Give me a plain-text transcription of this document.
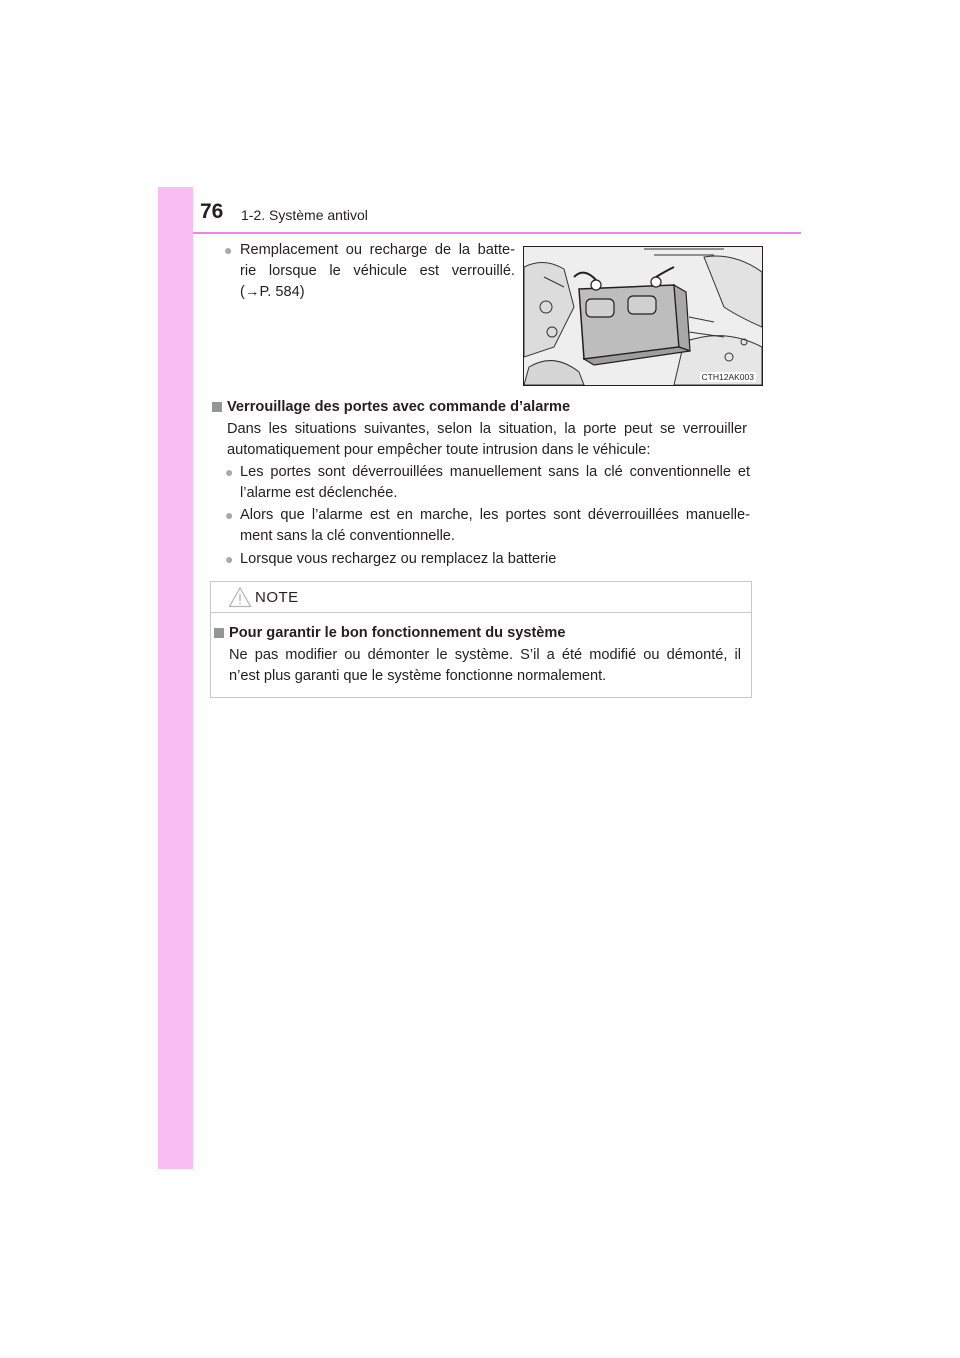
76 1-2. Système antivol
● Remplacement ou recharge de la batte-
rie lorsque le véhicule est verrouillé.
(→P. 584)
CTH12AK003
Verrouillage des portes avec commande d’alarme
Dans les situations suivantes, selon la situation, la porte peut se verrouiller
automatiquement pour empêcher toute intrusion dans le véhicule:
● Les portes sont déverrouillées manuellement sans la clé conventionnelle et
l’alarme est déclenchée.
● Alors que l’alarme est en marche, les portes sont déverrouillées manuelle-
ment sans la clé conventionnelle.
● Lorsque vous rechargez ou remplacez la batterie
NOTE
Pour garantir le bon fonctionnement du système
Ne pas modifier ou démonter le système. S’il a été modifié ou démonté, il
n’est plus garanti que le système fonctionne normalement.
